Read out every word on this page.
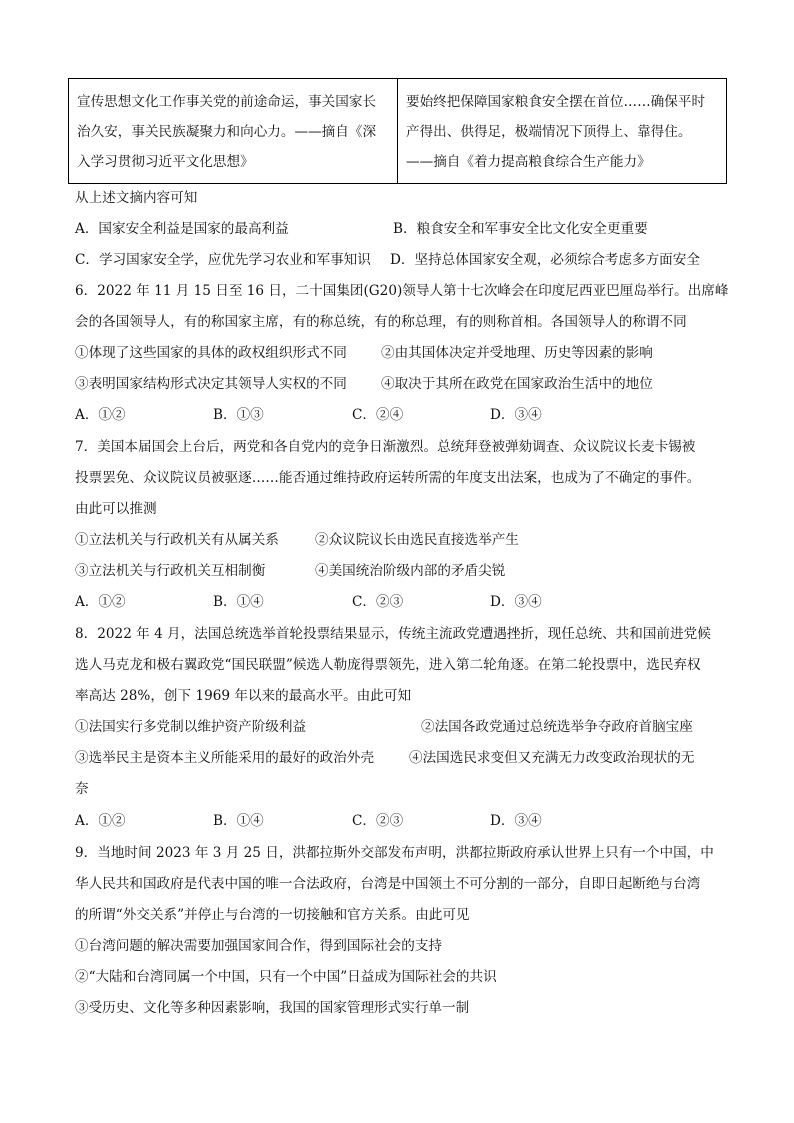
宣传思想文化工作事关党的前途命运，事关国家长治久安，事关民族凝聚力和向心力。——摘自《深入学习贯彻习近平文化思想》	要始终把保障国家粮食安全摆在首位……确保平时产得出、供得足，极端情况下顶得上、靠得住。——摘自《着力提高粮食综合生产能力》
从上述文摘内容可知
A．国家安全利益是国家的最高利益	B．粮食安全和军事安全比文化安全更重要
C．学习国家安全学，应优先学习农业和军事知识 D．坚持总体国家安全观，必须综合考虑多方面安全
6．2022 年 11 月 15 日至 16 日，二十国集团(G20)领导人第十七次峰会在印度尼西亚巴厘岛举行。出席峰
会的各国领导人，有的称国家主席，有的称总统，有的称总理，有的则称首相。各国领导人的称谓不同
①体现了这些国家的具体的政权组织形式不同	②由其国体决定并受地理、历史等因素的影响
③表明国家结构形式决定其领导人实权的不同	④取决于其所在政党在国家政治生活中的地位
A．①②	B．①③	C．②④	D．③④
7．美国本届国会上台后，两党和各自党内的竞争日渐激烈。总统拜登被弹劾调查、众议院议长麦卡锡被
投票罢免、众议院议员被驱逐……能否通过维持政府运转所需的年度支出法案，也成为了不确定的事件。
由此可以推测
①立法机关与行政机关有从属关系	②众议院议长由选民直接选举产生
③立法机关与行政机关互相制衡	④美国统治阶级内部的矛盾尖锐
A．①②	B．①④	C．②③	D．③④
8．2022 年 4 月，法国总统选举首轮投票结果显示，传统主流政党遭遇挫折，现任总统、共和国前进党候
选人马克龙和极右翼政党“国民联盟”候选人勒庞得票领先，进入第二轮角逐。在第二轮投票中，选民弃权
率高达 28%，创下 1969 年以来的最高水平。由此可知
①法国实行多党制以维护资产阶级利益	②法国各政党通过总统选举争夺政府首脑宝座
③选举民主是资本主义所能采用的最好的政治外壳	④法国选民求变但又充满无力改变政治现状的无
奈
A．①②	B．①④	C．②③	D．③④
9．当地时间 2023 年 3 月 25 日，洪都拉斯外交部发布声明，洪都拉斯政府承认世界上只有一个中国，中
华人民共和国政府是代表中国的唯一合法政府，台湾是中国领土不可分割的一部分，自即日起断绝与台湾
的所谓“外交关系”并停止与台湾的一切接触和官方关系。由此可见
①台湾问题的解决需要加强国家间合作，得到国际社会的支持
②“大陆和台湾同属一个中国，只有一个中国”日益成为国际社会的共识
③受历史、文化等多种因素影响，我国的国家管理形式实行单一制
